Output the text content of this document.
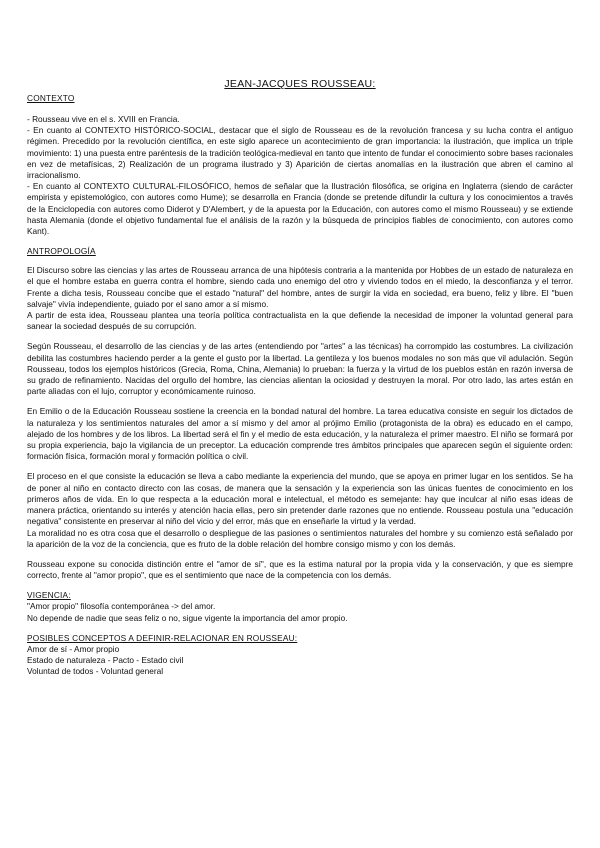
JEAN-JACQUES ROUSSEAU:
CONTEXTO

- Rousseau vive en el s. XVIII en Francia.

- En cuanto al CONTEXTO HISTÓRICO-SOCIAL, destacar que el siglo de Rousseau es de la revolución francesa y su lucha contra el antiguo régimen. Precedido por la revolución científica, en este siglo aparece un acontecimiento de gran importancia: la ilustración, que implica un triple movimiento: 1) una puesta entre paréntesis de la tradición teológica-medieval en tanto que intento de fundar el conocimiento sobre bases racionales en vez de metafísicas, 2) Realización de un programa ilustrado y 3) Aparición de ciertas anomalías en la ilustración que abren el camino al irracionalismo.

- En cuanto al CONTEXTO CULTURAL-FILOSÓFICO, hemos de señalar que la Ilustración filosófica, se origina en Inglaterra (siendo de carácter empirista y epistemológico, con autores como Hume); se desarrolla en Francia (donde se pretende difundir la cultura y los conocimientos a través de la Enciclopedia con autores como Diderot y D'Alembert, y de la apuesta por la Educación, con autores como el mismo Rousseau) y se extiende hasta Alemania (donde el objetivo fundamental fue el análisis de la razón y la búsqueda de principios fiables de conocimiento, con autores como Kant).

ANTROPOLOGÍA

El Discurso sobre las ciencias y las artes de Rousseau arranca de una hipótesis contraria a la mantenida por Hobbes de un estado de naturaleza en el que el hombre estaba en guerra contra el hombre, siendo cada uno enemigo del otro y viviendo todos en el miedo, la desconfianza y el terror. Frente a dicha tesis, Rousseau concibe que el estado "natural" del hombre, antes de surgir la vida en sociedad, era bueno, feliz y libre. El "buen salvaje" vivía independiente, guiado por el sano amor a sí mismo.

A partir de esta idea, Rousseau plantea una teoría política contractualista en la que defiende la necesidad de imponer la voluntad general para sanear la sociedad después de su corrupción.

Según Rousseau, el desarrollo de las ciencias y de las artes (entendiendo por "artes" a las técnicas) ha corrompido las costumbres. La civilización debilita las costumbres haciendo perder a la gente el gusto por la libertad. La gentileza y los buenos modales no son más que vil adulación. Según Rousseau, todos los ejemplos históricos (Grecia, Roma, China, Alemania) lo prueban: la fuerza y la virtud de los pueblos están en razón inversa de su grado de refinamiento. Nacidas del orgullo del hombre, las ciencias alientan la ociosidad y destruyen la moral. Por otro lado, las artes están en parte aliadas con el lujo, corruptor y económicamente ruinoso.

En Emilio o de la Educación Rousseau sostiene la creencia en la bondad natural del hombre. La tarea educativa consiste en seguir los dictados de la naturaleza y los sentimientos naturales del amor a sí mismo y del amor al prójimo Emilio (protagonista de la obra) es educado en el campo, alejado de los hombres y de los libros. La libertad será el fin y el medio de esta educación, y la naturaleza el primer maestro. El niño se formará por su propia experiencia, bajo la vigilancia de un preceptor. La educación comprende tres ámbitos principales que aparecen según el siguiente orden: formación física, formación moral y formación política o civil.

El proceso en el que consiste la educación se lleva a cabo mediante la experiencia del mundo, que se apoya en primer lugar en los sentidos. Se ha de poner al niño en contacto directo con las cosas, de manera que la sensación y la experiencia son las únicas fuentes de conocimiento en los primeros años de vida. En lo que respecta a la educación moral e intelectual, el método es semejante: hay que inculcar al niño esas ideas de manera práctica, orientando su interés y atención hacia ellas, pero sin pretender darle razones que no entiende. Rousseau postula una "educación negativa" consistente en preservar al niño del vicio y del error, más que en enseñarle la virtud y la verdad.

La moralidad no es otra cosa que el desarrollo o despliegue de las pasiones o sentimientos naturales del hombre y su comienzo está señalado por la aparición de la voz de la conciencia, que es fruto de la doble relación del hombre consigo mismo y con los demás.

Rousseau expone su conocida distinción entre el "amor de sí", que es la estima natural por la propia vida y la conservación, y que es siempre correcto, frente al "amor propio", que es el sentimiento que nace de la competencia con los demás.

VIGENCIA:

"Amor propio" filosofía contemporánea -> del amor.

No depende de nadie que seas feliz o no, sigue vigente la importancia del amor propio.

POSIBLES CONCEPTOS A DEFINIR-RELACIONAR EN ROUSSEAU:

Amor de sí - Amor propio

Estado de naturaleza - Pacto - Estado civil

Voluntad de todos - Voluntad general
